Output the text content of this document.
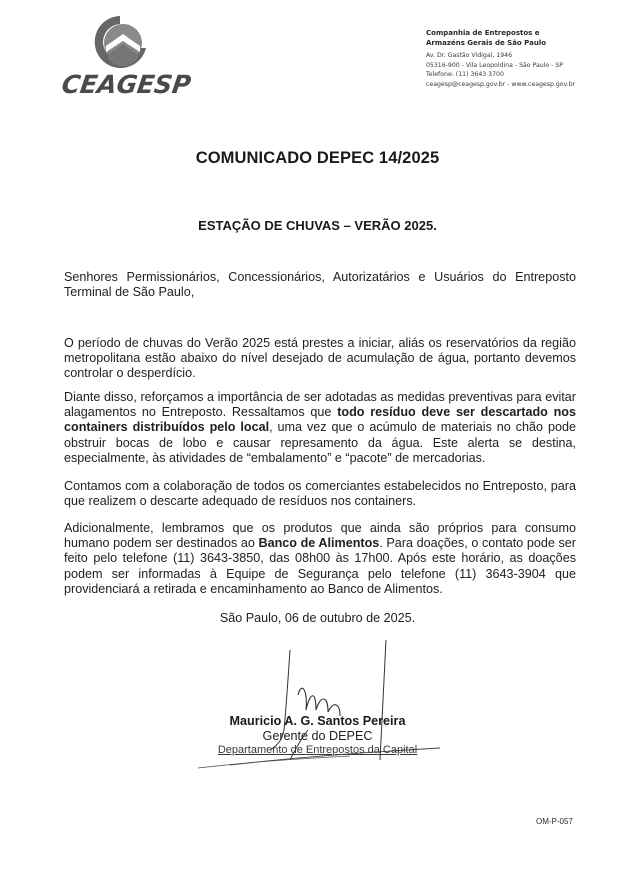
CEAGESP
Companhia de Entrepostos e
Armazéns Gerais de São Paulo
Av. Dr. Gastão Vidigal, 1946
05316-900 - Vila Leopoldina - São Paulo - SP
Telefone: (11) 3643 3700
ceagesp@ceagesp.gov.br - www.ceagesp.gov.br
COMUNICADO DEPEC 14/2025
ESTAÇÃO DE CHUVAS – VERÃO 2025.
Senhores Permissionários, Concessionários, Autorizatários e Usuários do Entreposto Terminal de São Paulo,
O período de chuvas do Verão 2025 está prestes a iniciar, aliás os reservatórios da região metropolitana estão abaixo do nível desejado de acumulação de água, portanto devemos controlar o desperdício.
Diante disso, reforçamos a importância de ser adotadas as medidas preventivas para evitar alagamentos no Entreposto. Ressaltamos que todo resíduo deve ser descartado nos containers distribuídos pelo local, uma vez que o acúmulo de materiais no chão pode obstruir bocas de lobo e causar represamento da água. Este alerta se destina, especialmente, às atividades de “embalamento” e “pacote” de mercadorias.
Contamos com a colaboração de todos os comerciantes estabelecidos no Entreposto, para que realizem o descarte adequado de resíduos nos containers.
Adicionalmente, lembramos que os produtos que ainda são próprios para consumo humano podem ser destinados ao Banco de Alimentos. Para doações, o contato pode ser feito pelo telefone (11) 3643-3850, das 08h00 às 17h00. Após este horário, as doações podem ser informadas à Equipe de Segurança pelo telefone (11) 3643-3904 que providenciará a retirada e encaminhamento ao Banco de Alimentos.
São Paulo, 06 de outubro de 2025.
Mauricio A. G. Santos Pereira
Gerente do DEPEC
Departamento de Entrepostos da Capital
OM-P-057
